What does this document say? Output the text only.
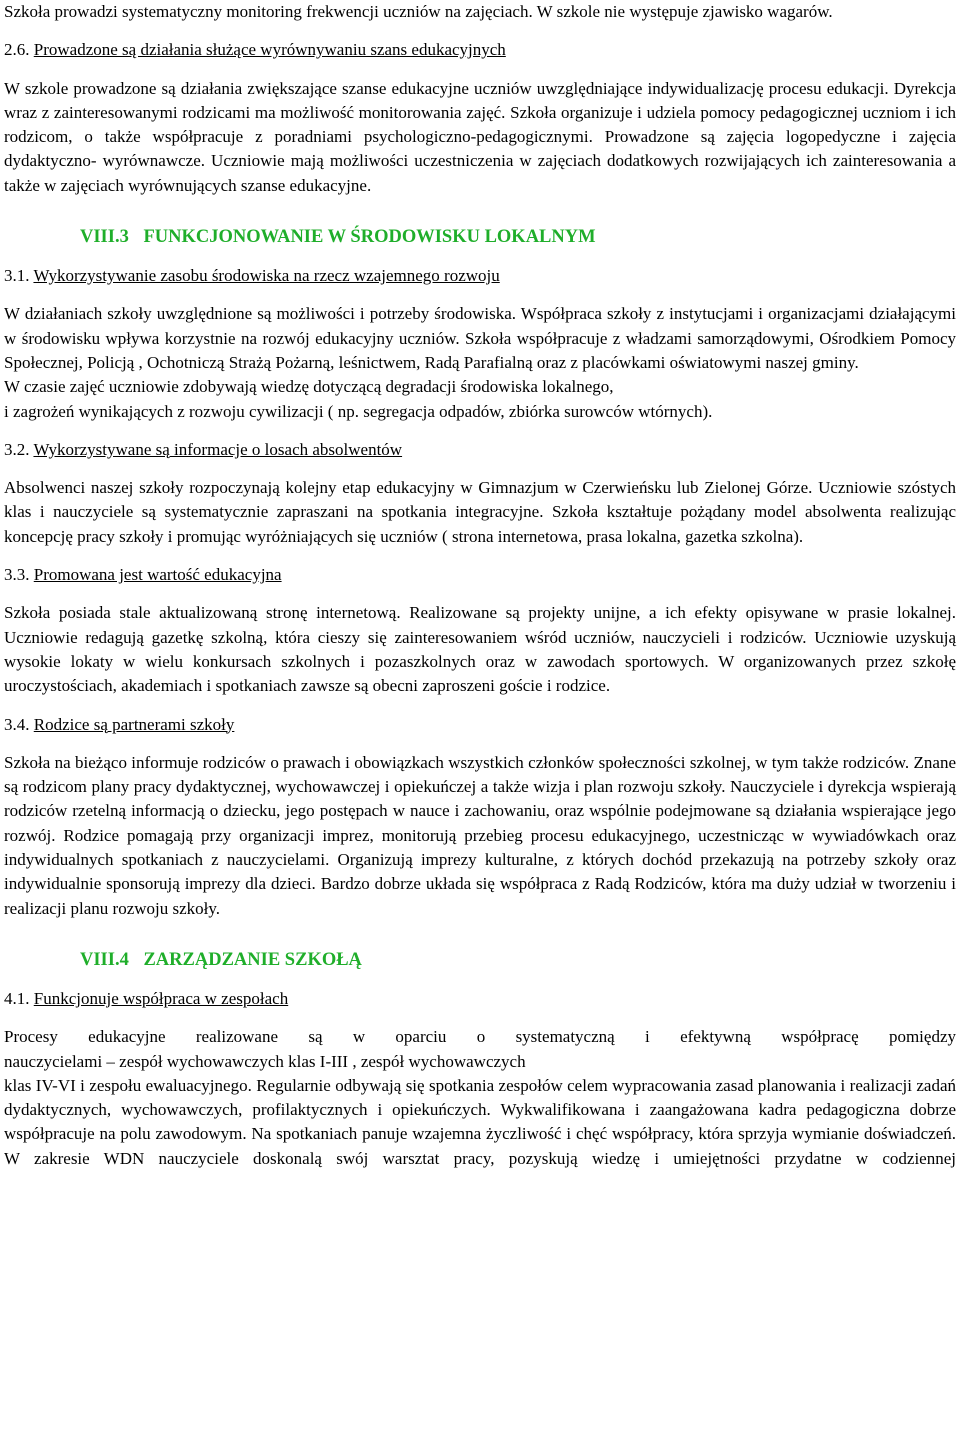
Szkoła prowadzi systematyczny monitoring frekwencji uczniów na zajęciach. W szkole nie występuje zjawisko wagarów.

2.6. Prowadzone są działania służące wyrównywaniu szans edukacyjnych

W szkole prowadzone są działania zwiększające szanse edukacyjne uczniów uwzględniające indywidualizację procesu edukacji. Dyrekcja wraz z zainteresowanymi rodzicami ma możliwość monitorowania zajęć. Szkoła organizuje i udziela pomocy pedagogicznej uczniom i ich rodzicom, o także współpracuje z poradniami psychologiczno-pedagogicznymi. Prowadzone są zajęcia logopedyczne i zajęcia dydaktyczno- wyrównawcze. Uczniowie mają możliwości uczestniczenia w zajęciach dodatkowych rozwijających ich zainteresowania a także w zajęciach wyrównujących szanse edukacyjne.

VIII.3 FUNKCJONOWANIE W ŚRODOWISKU LOKALNYM

3.1. Wykorzystywanie zasobu środowiska na rzecz wzajemnego rozwoju

W działaniach szkoły uwzględnione są możliwości i potrzeby środowiska. Współpraca szkoły z instytucjami i organizacjami działającymi w środowisku wpływa korzystnie na rozwój edukacyjny uczniów. Szkoła współpracuje z władzami samorządowymi, Ośrodkiem Pomocy Społecznej, Policją , Ochotniczą Strażą Pożarną, leśnictwem, Radą Parafialną oraz z placówkami oświatowymi naszej gminy.

W czasie zajęć uczniowie zdobywają wiedzę dotyczącą degradacji środowiska lokalnego,

i zagrożeń wynikających z rozwoju cywilizacji ( np. segregacja odpadów, zbiórka surowców wtórnych).

3.2. Wykorzystywane są informacje o losach absolwentów

Absolwenci naszej szkoły rozpoczynają kolejny etap edukacyjny w Gimnazjum w Czerwieńsku lub Zielonej Górze. Uczniowie szóstych klas i nauczyciele są systematycznie zapraszani na spotkania integracyjne. Szkoła kształtuje pożądany model absolwenta realizując koncepcję pracy szkoły i promując wyróżniających się uczniów ( strona internetowa, prasa lokalna, gazetka szkolna).

3.3. Promowana jest wartość edukacyjna

Szkoła posiada stale aktualizowaną stronę internetową. Realizowane są projekty unijne, a ich efekty opisywane w prasie lokalnej. Uczniowie redagują gazetkę szkolną, która cieszy się zainteresowaniem wśród uczniów, nauczycieli i rodziców. Uczniowie uzyskują wysokie lokaty w wielu konkursach szkolnych i pozaszkolnych oraz w zawodach sportowych. W organizowanych przez szkołę uroczystościach, akademiach i spotkaniach zawsze są obecni zaproszeni goście i rodzice.

3.4. Rodzice są partnerami szkoły

Szkoła na bieżąco informuje rodziców o prawach i obowiązkach wszystkich członków społeczności szkolnej, w tym także rodziców. Znane są rodzicom plany pracy dydaktycznej, wychowawczej i opiekuńczej a także wizja i plan rozwoju szkoły. Nauczyciele i dyrekcja wspierają rodziców rzetelną informacją o dziecku, jego postępach w nauce i zachowaniu, oraz wspólnie podejmowane są działania wspierające jego rozwój. Rodzice pomagają przy organizacji imprez, monitorują przebieg procesu edukacyjnego, uczestnicząc w wywiadówkach oraz indywidualnych spotkaniach z nauczycielami. Organizują imprezy kulturalne, z których dochód przekazują na potrzeby szkoły oraz indywidualnie sponsorują imprezy dla dzieci. Bardzo dobrze układa się współpraca z Radą Rodziców, która ma duży udział w tworzeniu i realizacji planu rozwoju szkoły.

VIII.4 ZARZĄDZANIE SZKOŁĄ

4.1. Funkcjonuje współpraca w zespołach

Procesy edukacyjne realizowane są w oparciu o systematyczną i efektywną współpracę pomiędzy

nauczycielami – zespół wychowawczych klas I-III , zespół wychowawczych

klas IV-VI i zespołu ewaluacyjnego. Regularnie odbywają się spotkania zespołów celem wypracowania zasad planowania i realizacji zadań dydaktycznych, wychowawczych, profilaktycznych i opiekuńczych. Wykwalifikowana i zaangażowana kadra pedagogiczna dobrze współpracuje na polu zawodowym. Na spotkaniach panuje wzajemna życzliwość i chęć współpracy, która sprzyja wymianie doświadczeń. W zakresie WDN nauczyciele doskonalą swój warsztat pracy, pozyskują wiedzę i umiejętności przydatne w codziennej
